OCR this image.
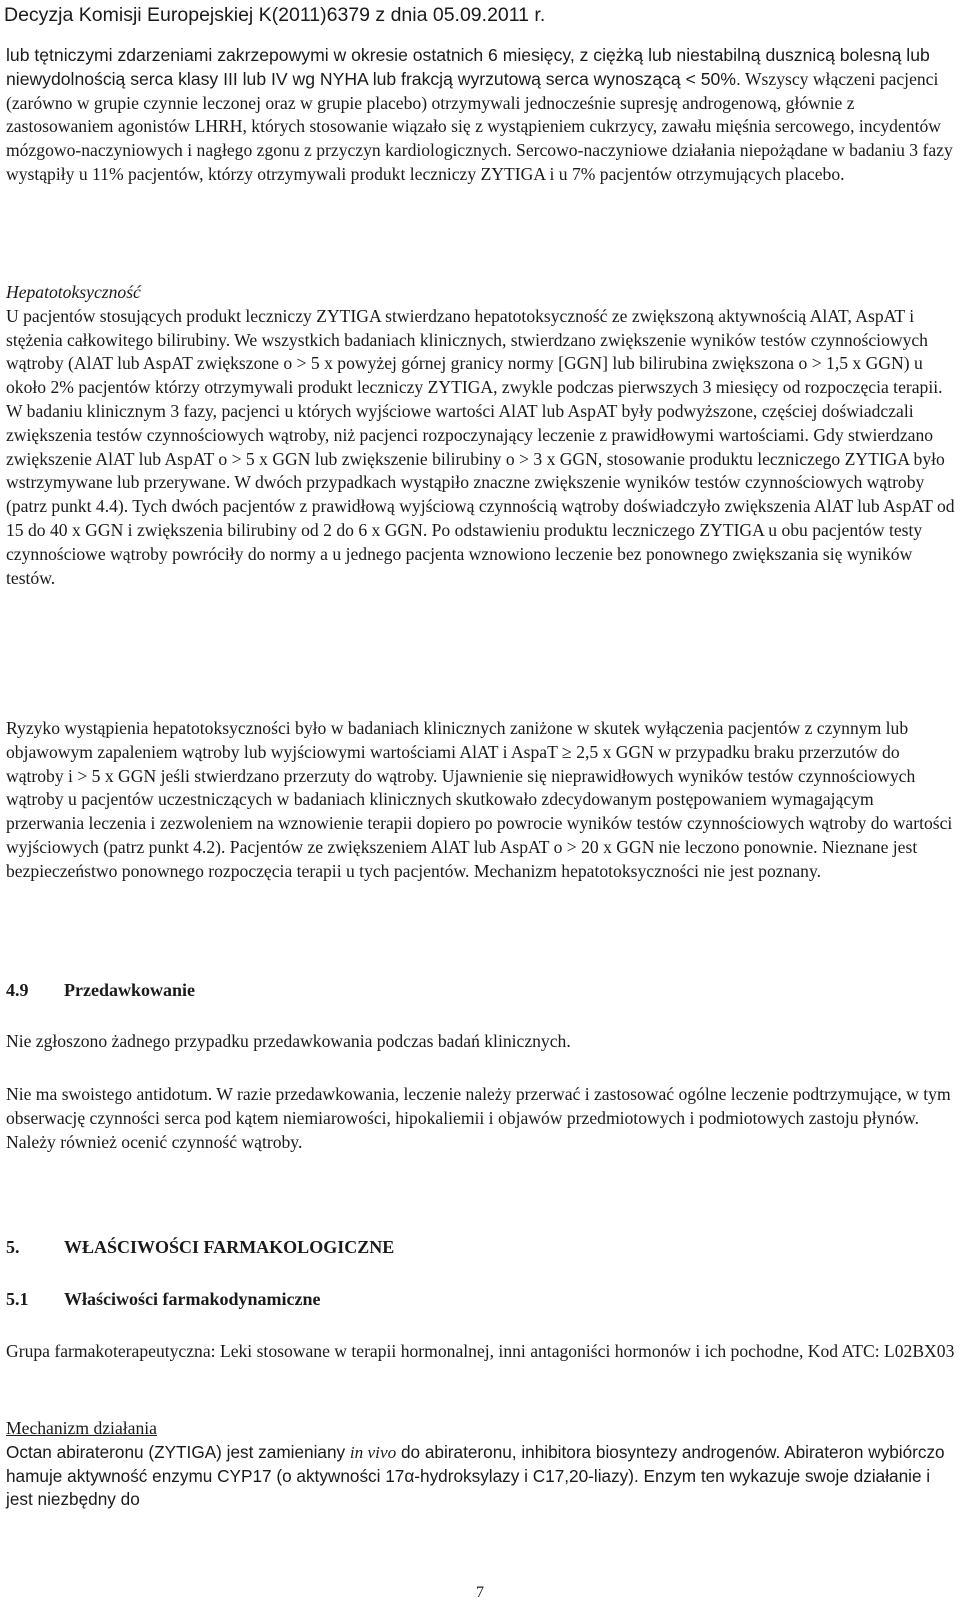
Decyzja Komisji Europejskiej K(2011)6379 z dnia 05.09.2011 r.

lub tętniczymi zdarzeniami zakrzepowymi w okresie ostatnich 6 miesięcy, z ciężką lub niestabilną dusznicą bolesną lub niewydolnością serca klasy III lub IV wg NYHA lub frakcją wyrzutową serca wynoszącą < 50%. Wszyscy włączeni pacjenci (zarówno w grupie czynnie leczonej oraz w grupie placebo) otrzymywali jednocześnie supresję androgenową, głównie z zastosowaniem agonistów LHRH, których stosowanie wiązało się z wystąpieniem cukrzycy, zawału mięśnia sercowego, incydentów mózgowo-naczyniowych i nagłego zgonu z przyczyn kardiologicznych. Sercowo-naczyniowe działania niepożądane w badaniu 3 fazy wystąpiły u 11% pacjentów, którzy otrzymywali produkt leczniczy ZYTIGA i u 7% pacjentów otrzymujących placebo.

Hepatotoksyczność

U pacjentów stosujących produkt leczniczy ZYTIGA stwierdzano hepatotoksyczność ze zwiększoną aktywnością AlAT, AspAT i stężenia całkowitego bilirubiny. We wszystkich badaniach klinicznych, stwierdzano zwiększenie wyników testów czynnościowych wątroby (AlAT lub AspAT zwiększone o > 5 x powyżej górnej granicy normy [GGN] lub bilirubina zwiększona o > 1,5 x GGN) u około 2% pacjentów którzy otrzymywali produkt leczniczy ZYTIGA, zwykle podczas pierwszych 3 miesięcy od rozpoczęcia terapii. W badaniu klinicznym 3 fazy, pacjenci u których wyjściowe wartości AlAT lub AspAT były podwyższone, częściej doświadczali zwiększenia testów czynnościowych wątroby, niż pacjenci rozpoczynający leczenie z prawidłowymi wartościami. Gdy stwierdzano zwiększenie AlAT lub AspAT o > 5 x GGN lub zwiększenie bilirubiny o > 3 x GGN, stosowanie produktu leczniczego ZYTIGA było wstrzymywane lub przerywane. W dwóch przypadkach wystąpiło znaczne zwiększenie wyników testów czynnościowych wątroby (patrz punkt 4.4). Tych dwóch pacjentów z prawidłową wyjściową czynnością wątroby doświadczyło zwiększenia AlAT lub AspAT od 15 do 40 x GGN i zwiększenia bilirubiny od 2 do 6 x GGN. Po odstawieniu produktu leczniczego ZYTIGA u obu pacjentów testy czynnościowe wątroby powróciły do normy a u jednego pacjenta wznowiono leczenie bez ponownego zwiększania się wyników testów.

Ryzyko wystąpienia hepatotoksyczności było w badaniach klinicznych zaniżone w skutek wyłączenia pacjentów z czynnym lub objawowym zapaleniem wątroby lub wyjściowymi wartościami AlAT i AspaT ≥ 2,5 x GGN w przypadku braku przerzutów do wątroby i > 5 x GGN jeśli stwierdzano przerzuty do wątroby. Ujawnienie się nieprawidłowych wyników testów czynnościowych wątroby u pacjentów uczestniczących w badaniach klinicznych skutkowało zdecydowanym postępowaniem wymagającym przerwania leczenia i zezwoleniem na wznowienie terapii dopiero po powrocie wyników testów czynnościowych wątroby do wartości wyjściowych (patrz punkt 4.2). Pacjentów ze zwiększeniem AlAT lub AspAT o > 20 x GGN nie leczono ponownie. Nieznane jest bezpieczeństwo ponownego rozpoczęcia terapii u tych pacjentów. Mechanizm hepatotoksyczności nie jest poznany.

4.9 Przedawkowanie

Nie zgłoszono żadnego przypadku przedawkowania podczas badań klinicznych.

Nie ma swoistego antidotum. W razie przedawkowania, leczenie należy przerwać i zastosować ogólne leczenie podtrzymujące, w tym obserwację czynności serca pod kątem niemiarowości, hipokaliemii i objawów przedmiotowych i podmiotowych zastoju płynów. Należy również ocenić czynność wątroby.

5. WŁAŚCIWOŚCI FARMAKOLOGICZNE
5.1 Właściwości farmakodynamiczne

Grupa farmakoterapeutyczna: Leki stosowane w terapii hormonalnej, inni antagoniści hormonów i ich pochodne, Kod ATC: L02BX03

Mechanizm działania

Octan abirateronu (ZYTIGA) jest zamieniany in vivo do abirateronu, inhibitora biosyntezy androgenów. Abirateron wybiórczo hamuje aktywność enzymu CYP17 (o aktywności 17α-hydroksylazy i C17,20-liazy). Enzym ten wykazuje swoje działanie i jest niezbędny do

7
